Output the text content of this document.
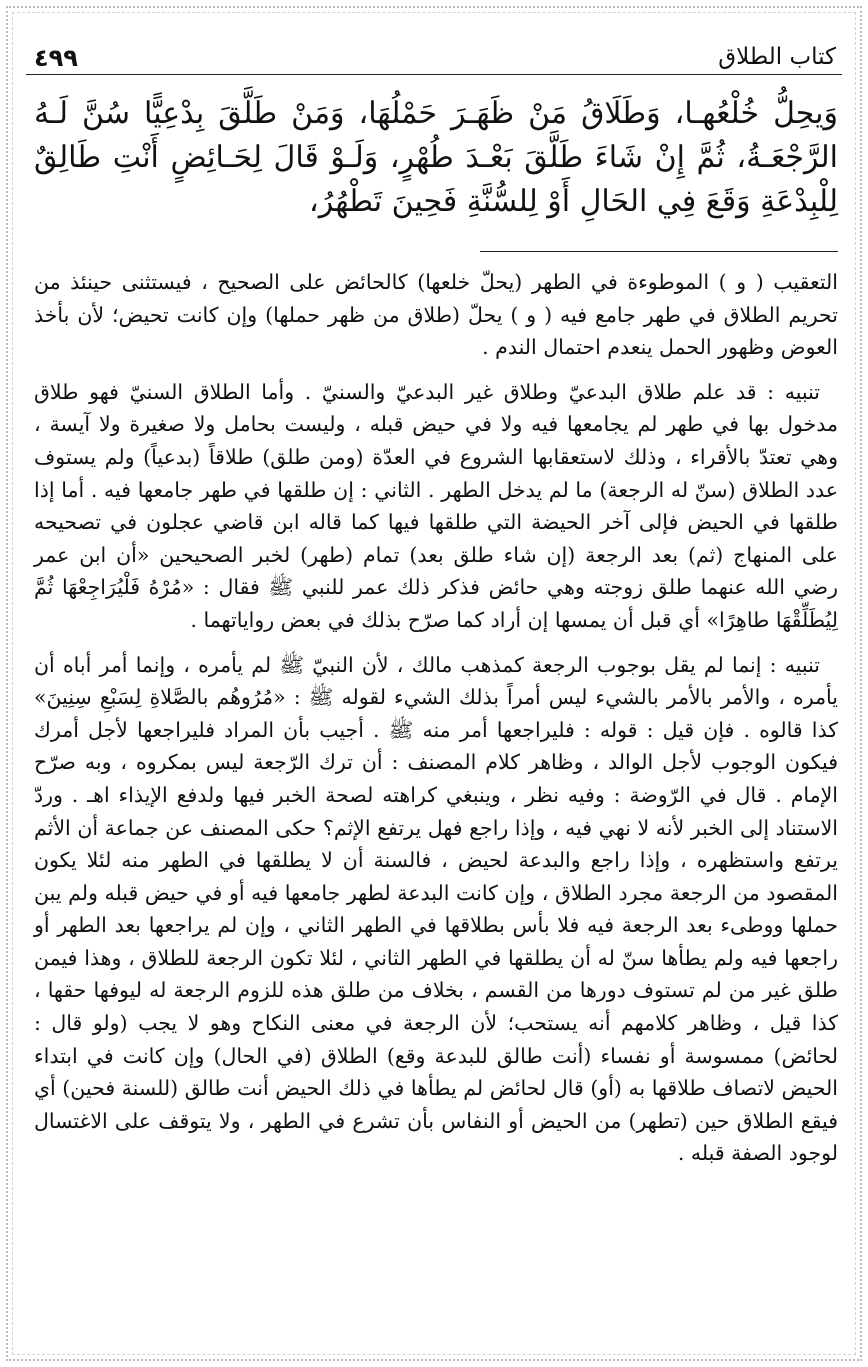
٤٩٩	كتاب الطلاق
وَيحِلُّ خُلْعُهـا، وَطَلَاقُ مَنْ ظَهَـرَ حَمْلُهَا، وَمَنْ طَلَّقَ بِدْعِيًّا سُنَّ لَـهُ الرَّجْعَـةُ، ثُمَّ إِنْ شَاءَ طَلَّقَ بَعْـدَ طُهْرٍ، وَلَـوْ قَالَ لِحَـائِضٍ أَنْتِ طَالِقٌ لِلْبِدْعَةِ وَقَعَ فِي الحَالِ أَوْ لِلسُّنَّةِ فَحِينَ تَطْهُرُ،

التعقيب ( و ) الموطوءة في الطهر (يحلّ خلعها) كالحائض على الصحيح ، فيستثنى حينئذ من تحريم الطلاق في طهر جامع فيه ( و ) يحلّ (طلاق من ظهر حملها) وإن كانت تحيض؛ لأن بأخذ العوض وظهور الحمل ينعدم احتمال الندم .

تنبيه : قد علم طلاق البدعيّ وطلاق غير البدعيّ والسنيّ . وأما الطلاق السنيّ فهو طلاق مدخول بها في طهر لم يجامعها فيه ولا في حيض قبله ، وليست بحامل ولا صغيرة ولا آيسة ، وهي تعتدّ بالأقراء ، وذلك لاستعقابها الشروع في العدّة (ومن طلق) طلاقاً (بدعياً) ولم يستوف عدد الطلاق (سنّ له الرجعة) ما لم يدخل الطهر . الثاني : إن طلقها في طهر جامعها فيه . أما إذا طلقها في الحيض فإلى آخر الحيضة التي طلقها فيها كما قاله ابن قاضي عجلون في تصحيحه على المنهاج (ثم) بعد الرجعة (إن شاء طلق بعد) تمام (طهر) لخبر الصحيحين «أن ابن عمر رضي الله عنهما طلق زوجته وهي حائض فذكر ذلك عمر للنبي ﷺ فقال : «مُرْهُ فَلْيُرَاجِعْهَا ثُمَّ لِيُطَلِّقْهَا طاهِرًا» أي قبل أن يمسها إن أراد كما صرّح بذلك في بعض رواياتهما .

تنبيه : إنما لم يقل بوجوب الرجعة كمذهب مالك ، لأن النبيّ ﷺ لم يأمره ، وإنما أمر أباه أن يأمره ، والأمر بالأمر بالشيء ليس أمراً بذلك الشيء لقوله ﷺ : «مُرُوهُم بالصَّلاةِ لِسَبْعِ سِنِينَ» كذا قالوه . فإن قيل : قوله : فليراجعها أمر منه ﷺ . أجيب بأن المراد فليراجعها لأجل أمرك فيكون الوجوب لأجل الوالد ، وظاهر كلام المصنف : أن ترك الرّجعة ليس بمكروه ، وبه صرّح الإمام . قال في الرّوضة : وفيه نظر ، وينبغي كراهته لصحة الخبر فيها ولدفع الإيذاء اهـ . وردّ الاستناد إلى الخبر لأنه لا نهي فيه ، وإذا راجع فهل يرتفع الإثم؟ حكى المصنف عن جماعة أن الأثم يرتفع واستظهره ، وإذا راجع والبدعة لحيض ، فالسنة أن لا يطلقها في الطهر منه لئلا يكون المقصود من الرجعة مجرد الطلاق ، وإن كانت البدعة لطهر جامعها فيه أو في حيض قبله ولم يبن حملها ووطىء بعد الرجعة فيه فلا بأس بطلاقها في الطهر الثاني ، وإن لم يراجعها بعد الطهر أو راجعها فيه ولم يطأها سنّ له أن يطلقها في الطهر الثاني ، لئلا تكون الرجعة للطلاق ، وهذا فيمن طلق غير من لم تستوف دورها من القسم ، بخلاف من طلق هذه للزوم الرجعة له ليوفها حقها ، كذا قيل ، وظاهر كلامهم أنه يستحب؛ لأن الرجعة في معنى النكاح وهو لا يجب (ولو قال : لحائض) ممسوسة أو نفساء (أنت طالق للبدعة وقع) الطلاق (في الحال) وإن كانت في ابتداء الحيض لاتصاف طلاقها به (أو) قال لحائض لم يطأها في ذلك الحيض أنت طالق (للسنة فحين) أي فيقع الطلاق حين (تطهر) من الحيض أو النفاس بأن تشرع في الطهر ، ولا يتوقف على الاغتسال لوجود الصفة قبله .
